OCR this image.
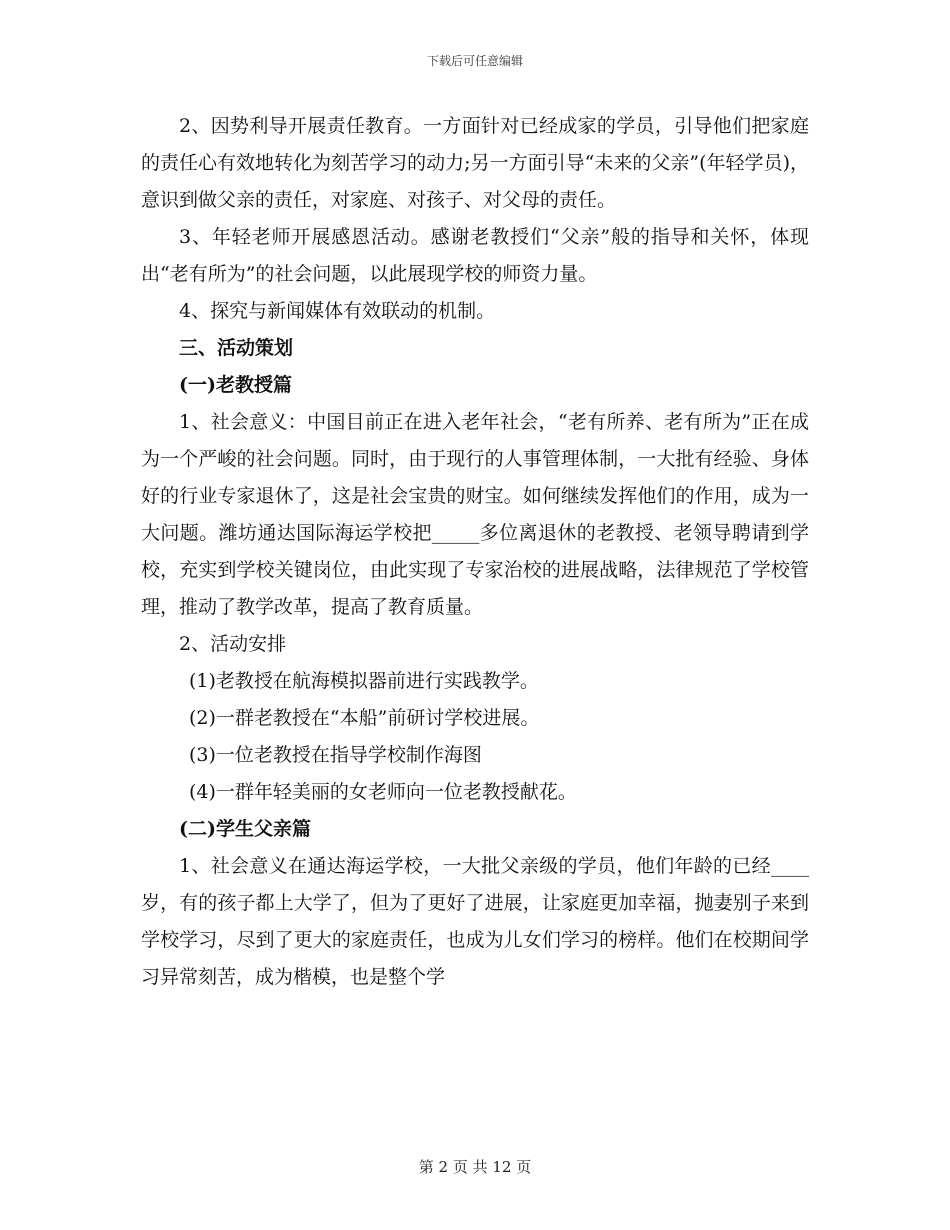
下载后可任意编辑

2、因势利导开展责任教育。一方面针对已经成家的学员，引导他们把家庭的责任心有效地转化为刻苦学习的动力;另一方面引导“未来的父亲”(年轻学员)，意识到做父亲的责任，对家庭、对孩子、对父母的责任。

3、年轻老师开展感恩活动。感谢老教授们“父亲”般的指导和关怀，体现出“老有所为”的社会问题，以此展现学校的师资力量。

4、探究与新闻媒体有效联动的机制。

三、活动策划

(一)老教授篇

1、社会意义：中国目前正在进入老年社会，“老有所养、老有所为”正在成为一个严峻的社会问题。同时，由于现行的人事管理体制，一大批有经验、身体好的行业专家退休了，这是社会宝贵的财宝。如何继续发挥他们的作用，成为一大问题。潍坊通达国际海运学校把_____多位离退休的老教授、老领导聘请到学校，充实到学校关键岗位，由此实现了专家治校的进展战略，法律规范了学校管理，推动了教学改革，提高了教育质量。

2、活动安排

(1)老教授在航海模拟器前进行实践教学。

(2)一群老教授在“本船”前研讨学校进展。

(3)一位老教授在指导学校制作海图

(4)一群年轻美丽的女老师向一位老教授献花。

(二)学生父亲篇

1、社会意义在通达海运学校，一大批父亲级的学员，他们年龄的已经____岁，有的孩子都上大学了，但为了更好了进展，让家庭更加幸福，抛妻别子来到学校学习，尽到了更大的家庭责任，也成为儿女们学习的榜样。他们在校期间学习异常刻苦，成为楷模，也是整个学

第 2 页 共 12 页
